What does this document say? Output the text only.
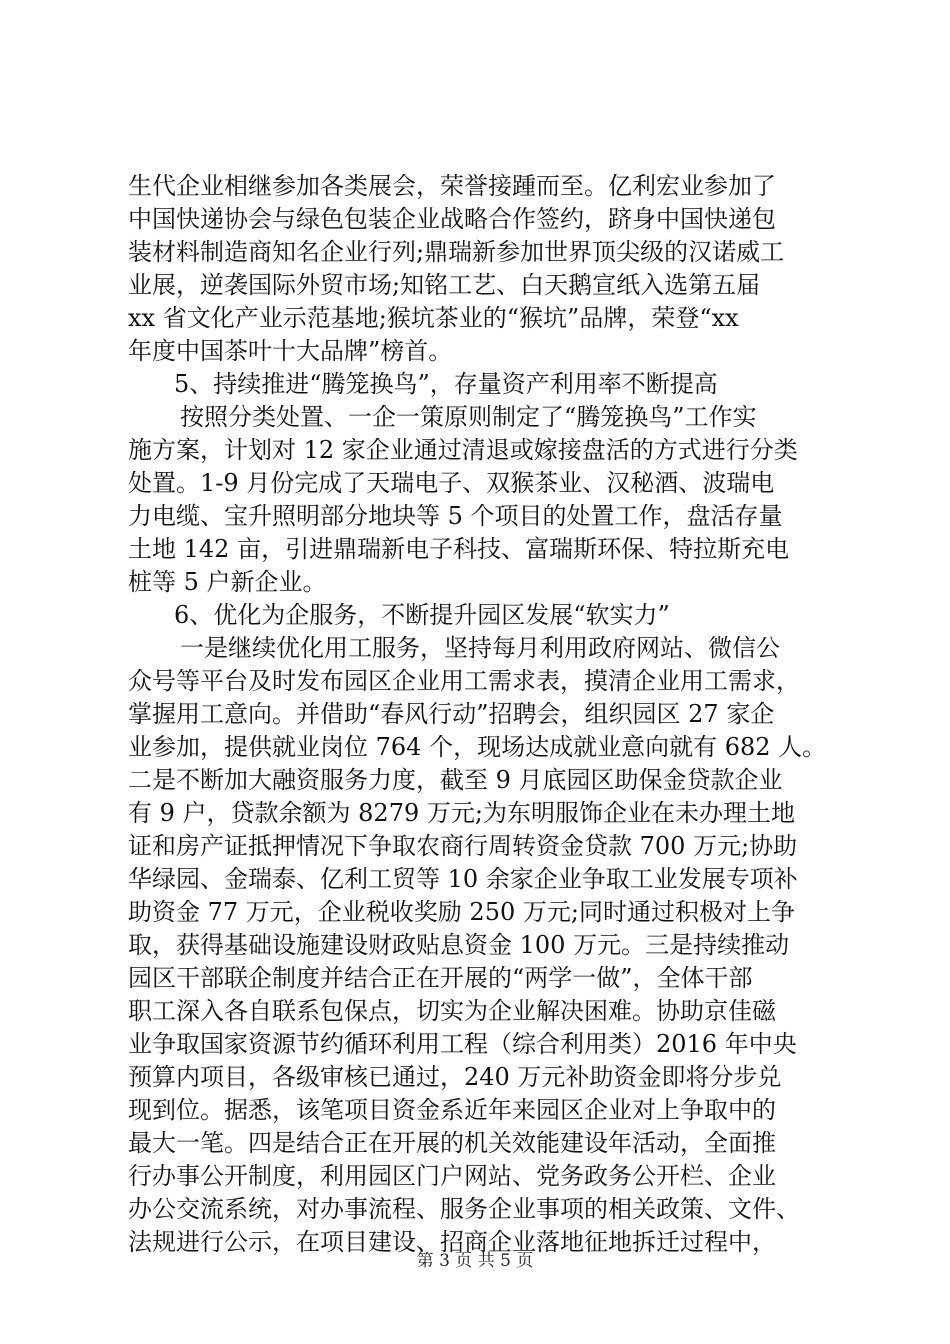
生代企业相继参加各类展会，荣誉接踵而至。亿利宏业参加了
中国快递协会与绿色包装企业战略合作签约，跻身中国快递包
装材料制造商知名企业行列;鼎瑞新参加世界顶尖级的汉诺威工
业展，逆袭国际外贸市场;知铭工艺、白天鹅宣纸入选第五届
xx 省文化产业示范基地;猴坑茶业的“猴坑”品牌，荣登“xx
年度中国茶叶十大品牌”榜首。
5、持续推进“腾笼换鸟”，存量资产利用率不断提高
按照分类处置、一企一策原则制定了“腾笼换鸟”工作实
施方案，计划对 12 家企业通过清退或嫁接盘活的方式进行分类
处置。1-9 月份完成了天瑞电子、双猴茶业、汉秘酒、波瑞电
力电缆、宝升照明部分地块等 5 个项目的处置工作，盘活存量
土地 142 亩，引进鼎瑞新电子科技、富瑞斯环保、特拉斯充电
桩等 5 户新企业。
6、优化为企服务，不断提升园区发展“软实力”
一是继续优化用工服务，坚持每月利用政府网站、微信公
众号等平台及时发布园区企业用工需求表，摸清企业用工需求，
掌握用工意向。并借助“春风行动”招聘会，组织园区 27 家企
业参加，提供就业岗位 764 个，现场达成就业意向就有 682 人。
二是不断加大融资服务力度，截至 9 月底园区助保金贷款企业
有 9 户，贷款余额为 8279 万元;为东明服饰企业在未办理土地
证和房产证抵押情况下争取农商行周转资金贷款 700 万元;协助
华绿园、金瑞泰、亿利工贸等 10 余家企业争取工业发展专项补
助资金 77 万元，企业税收奖励 250 万元;同时通过积极对上争
取，获得基础设施建设财政贴息资金 100 万元。三是持续推动
园区干部联企制度并结合正在开展的“两学一做”，全体干部
职工深入各自联系包保点，切实为企业解决困难。协助京佳磁
业争取国家资源节约循环利用工程（综合利用类）2016 年中央
预算内项目，各级审核已通过，240 万元补助资金即将分步兑
现到位。据悉，该笔项目资金系近年来园区企业对上争取中的
最大一笔。四是结合正在开展的机关效能建设年活动，全面推
行办事公开制度，利用园区门户网站、党务政务公开栏、企业
办公交流系统，对办事流程、服务企业事项的相关政策、文件、
法规进行公示，在项目建设、招商企业落地征地拆迁过程中，
第 3 页 共 5 页
